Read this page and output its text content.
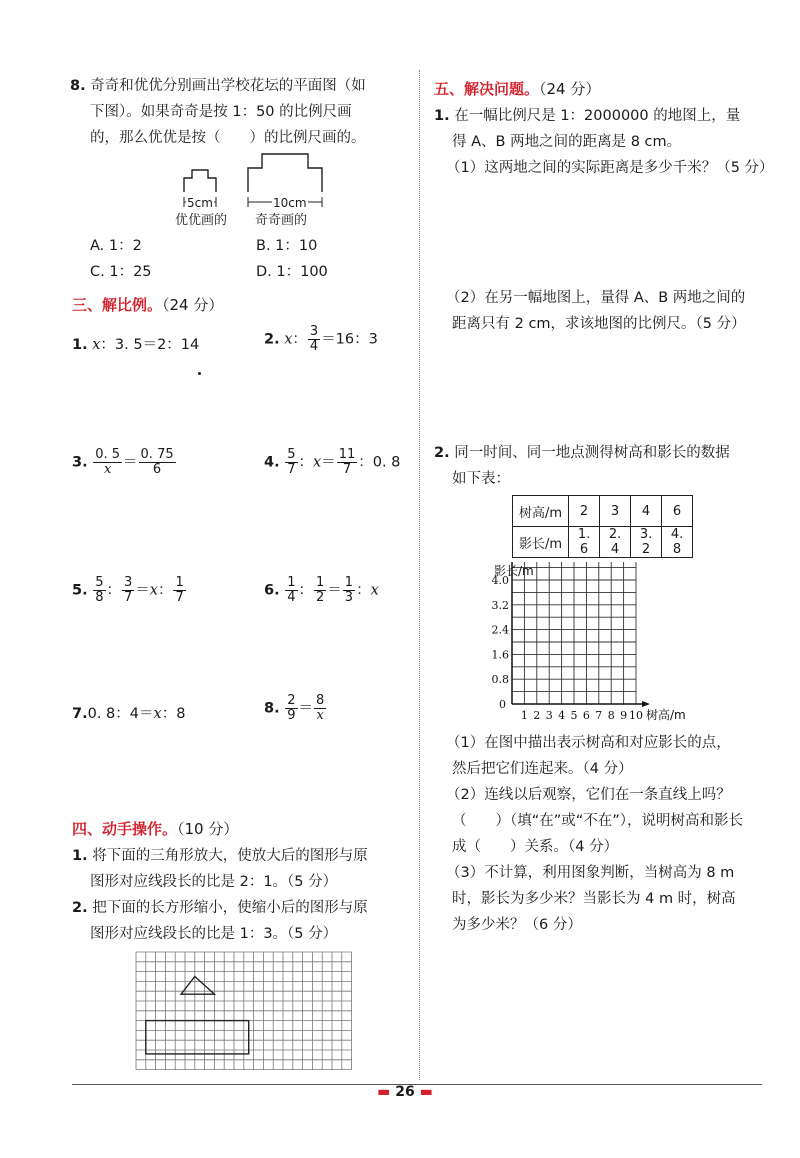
8. 奇奇和优优分别画出学校花坛的平面图（如
下图）。如果奇奇是按 1：50 的比例尺画
的，那么优优是按（　　）的比例尺画的。
5cm	10cm
优优画的 奇奇画的
A. 1：2	B. 1：10
C. 1：25	D. 1：100
三、解比例。（24 分）
1. x：3. 5＝2：14	2. x： $\frac{3}{4} =16$：3
3. $\frac{0. 5}{x} = \frac{0. 75}{6}$	4. $\frac{5}{7}$ ：$x= \frac{11}{7}$ ：0. 8
5. $\frac{5}{8}$ ： $\frac{3}{7} =x$： $\frac{1}{7}$	6. $\frac{1}{4}$ ： $\frac{1}{2} = \frac{1}{3}$ ：x
7.0. 8：4＝x：8	8. $\frac{2}{9} = \frac{8}{x}$
四、动手操作。（10 分）
1. 将下面的三角形放大，使放大后的图形与原
图形对应线段长的比是 2：1。（5 分）
2. 把下面的长方形缩小，使缩小后的图形与原
图形对应线段长的比是 1：3。（5 分）
五、解决问题。（24 分）
1. 在一幅比例尺是 1：2000000 的地图上，量
得 A、B 两地之间的距离是 8 cm。
（1）这两地之间的实际距离是多少千米？（5 分）
（2）在另一幅地图上，量得 A、B 两地之间的
距离只有 2 cm，求该地图的比例尺。（5 分）
2. 同一时间、同一地点测得树高和影长的数据
如下表：
树高/m	2	3	4	6
影长/m	1. 6	2. 4	3. 2	4. 8
0.8
1.6
2.4
3.2
4.0
1 2 3 4 5 6 7 8 9 10
0
影长/m
树高/m
（1）在图中描出表示树高和对应影长的点，
然后把它们连起来。（4 分）
（2）连线以后观察，它们在一条直线上吗？
（　　）（填“在”或“不在”），说明树高和影长
成（　　）关系。（4 分）
（3）不计算，利用图象判断，当树高为 8 m
时，影长为多少米？当影长为 4 m 时，树高
为多少米？（6 分）
▬ 26 ▬
